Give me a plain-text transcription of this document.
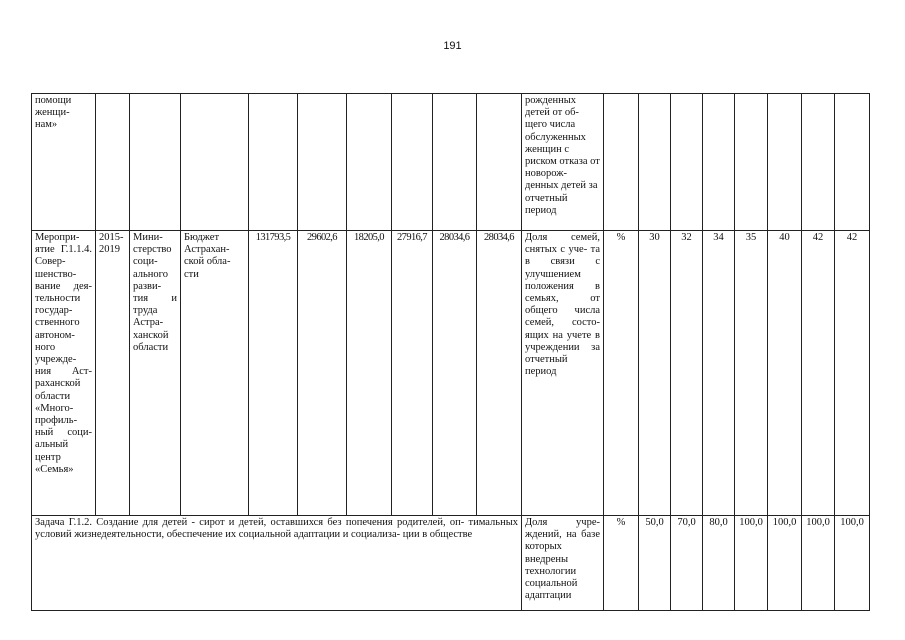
191
помощи женщи- нам»										рожденных детей от об- щего числа обслуженных женщин с риском отказа от новорож- денных детей за отчетный период								
Меропри- ятие Г.1.1.4. Совер- шенство- вание дея- тельности государ- ственного автоном- ного учрежде- ния Аст- раханской области «Много- профиль- ный соци- альный центр «Семья»	2015- 2019	Мини- стерство соци- ального разви- тия и труда Астра- ханской области	Бюджет Астрахан- ской обла- сти	131793,5	29602,6	18205,0	27916,7	28034,6	28034,6	Доля семей, снятых с уче- та в связи с улучшением положения в семьях, от общего числа семей, состо- ящих на учете в учреждении за отчетный период	%	30	32	34	35	40	42	42
Задача Г.1.2. Создание для детей - сирот и детей, оставшихся без попечения родителей, оп- тимальных условий жизнедеятельности, обеспечение их социальной адаптации и социализа- ции в обществе										Доля учре- ждений, на базе которых внедрены технологии социальной адаптации	%	50,0	70,0	80,0	100,0	100,0	100,0	100,0
